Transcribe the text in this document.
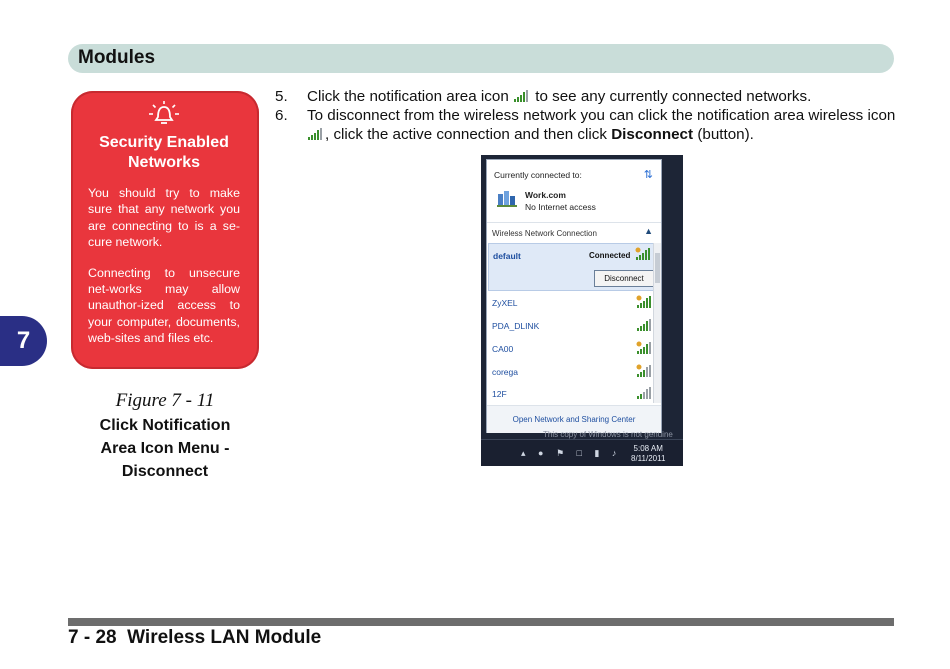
Modules
7
Security Enabled Networks

You should try to make sure that any network you are connecting to is a se-cure network.

Connecting to unsecure net-works may allow unauthor-ized access to your computer, documents, web-sites and files etc.

Figure 7 - 11
Click Notification
Area Icon Menu -
Disconnect
5. Click the notification area icon to see any currently connected networks.
6. To disconnect from the wireless network you can click the notification area wireless icon , click the active connection and then click Disconnect (button).
Currently connected to:	⇅
Work.com
No Internet access
Wireless Network Connection	▲
default	Connected
Disconnect
ZyXEL
PDA_DLINK
CA00
corega
12F
Open Network and Sharing Center
This copy of Windows is not genuine
▴ ● ⚑ □ ▮ ♪	5:08 AM
8/11/2011
7 - 28 Wireless LAN Module
